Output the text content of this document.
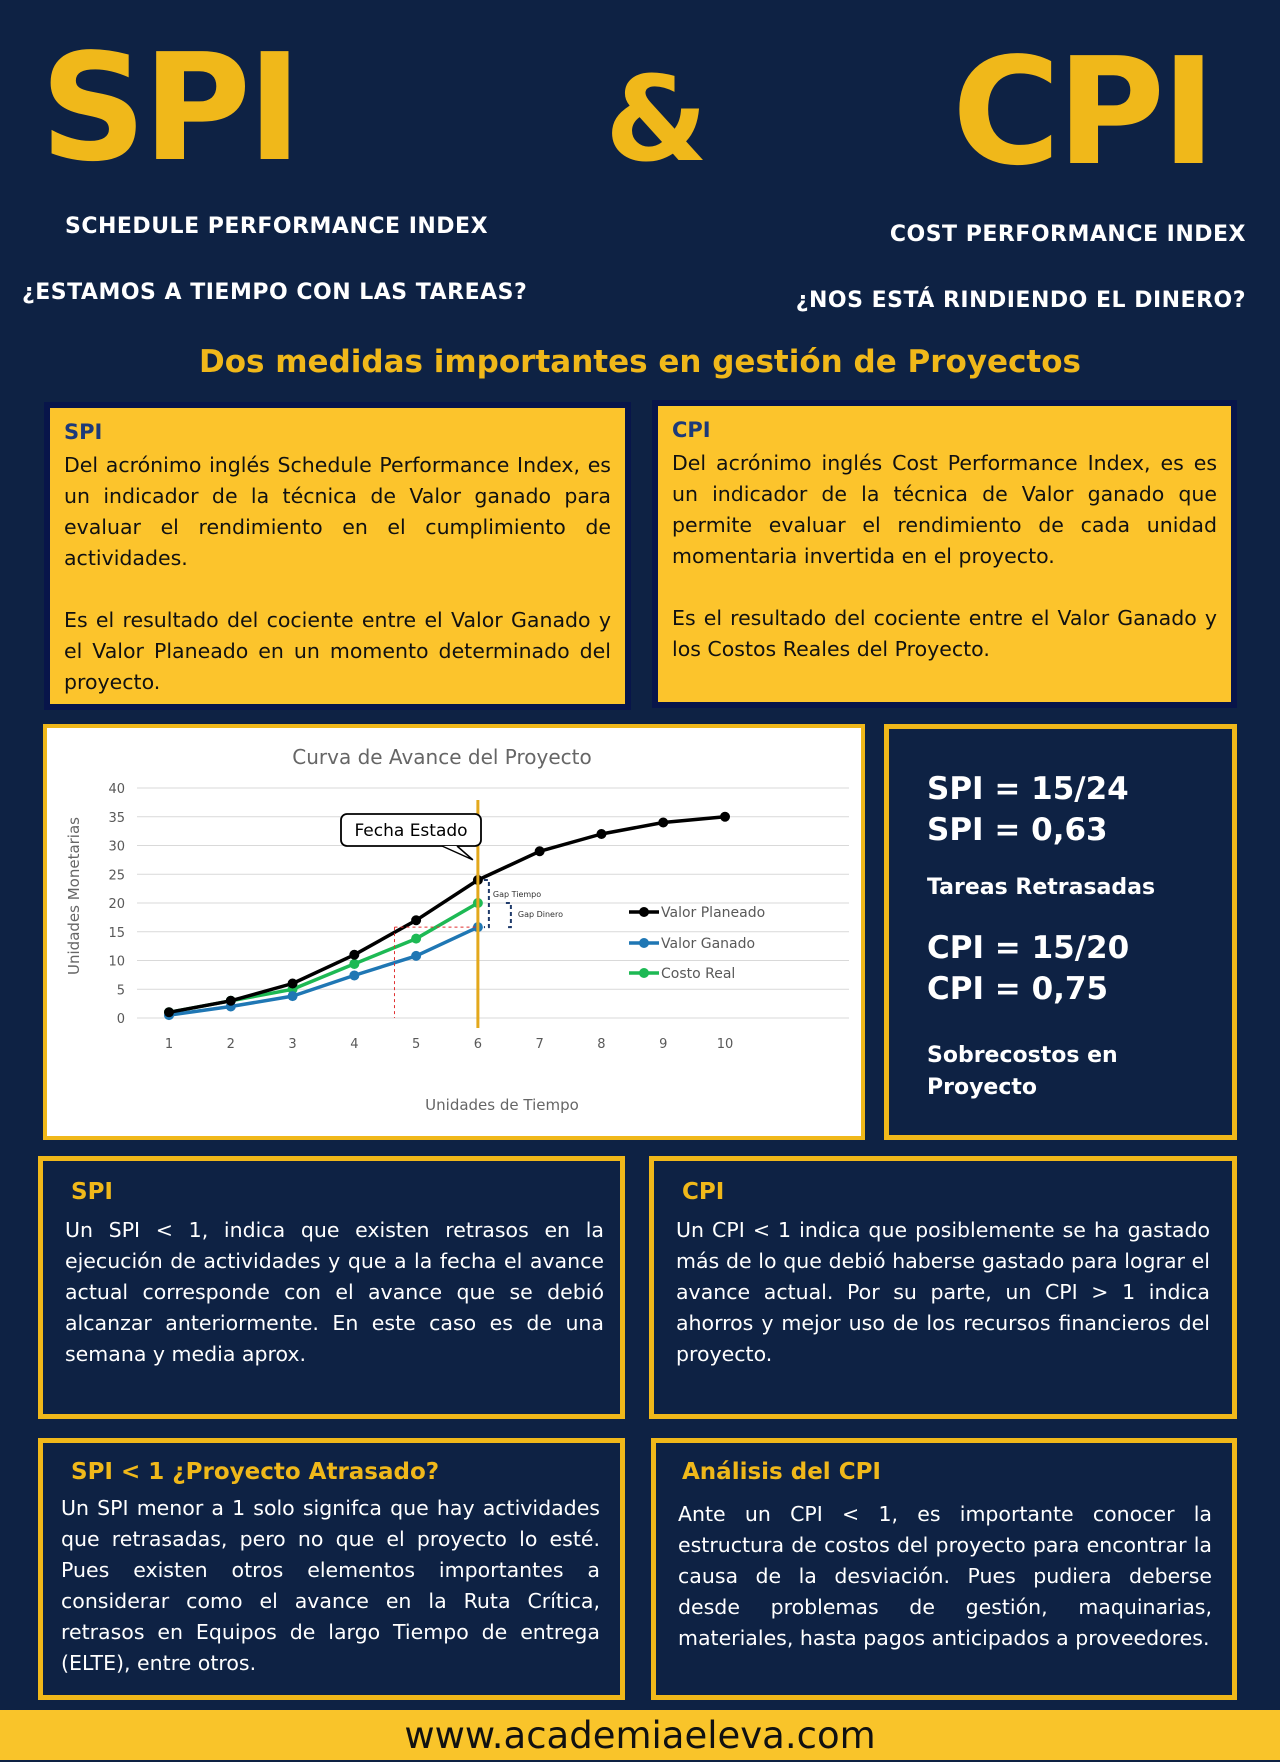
SPI	& CPI
SCHEDULE PERFORMANCE INDEX
¿ESTAMOS A TIEMPO CON LAS TAREAS?
COST PERFORMANCE INDEX
¿NOS ESTÁ RINDIENDO EL DINERO?
Dos medidas importantes en gestión de Proyectos
SPI

Del acrónimo inglés Schedule Performance Index, es un indicador de la técnica de Valor ganado para evaluar el rendimiento en el cumplimiento de actividades.

Es el resultado del cociente entre el Valor Ganado y el Valor Planeado en un momento determinado del proyecto.

CPI

Del acrónimo inglés Cost Performance Index, es es un indicador de la técnica de Valor ganado que permite evaluar el rendimiento de cada unidad momentaria invertida en el proyecto.

Es el resultado del cociente entre el Valor Ganado y los Costos Reales del Proyecto.

Curva de Avance del Proyecto
Unidades Monetarias
Unidades de Tiempo
0
5
10
15
20
25
30
35
40
1	2	3	4	5	6	7	8	9	10
Gap Tiempo
Gap Dinero
Fecha Estado
Valor Planeado
Valor Ganado
Costo Real
SPI = 15/24
SPI = 0,63
Tareas Retrasadas
CPI = 15/20
CPI = 0,75
Sobrecostos en
Proyecto
SPI

Un SPI < 1, indica que existen retrasos en la ejecución de actividades y que a la fecha el avance actual corresponde con el avance que se debió alcanzar anteriormente. En este caso es de una semana y media aprox.

CPI

Un CPI < 1 indica que posiblemente se ha gastado más de lo que debió haberse gastado para lograr el avance actual. Por su parte, un CPI > 1 indica ahorros y mejor uso de los recursos financieros del proyecto.

SPI < 1 ¿Proyecto Atrasado?

Un SPI menor a 1 solo signifca que hay actividades que retrasadas, pero no que el proyecto lo esté. Pues existen otros elementos importantes a considerar como el avance en la Ruta Crítica, retrasos en Equipos de largo Tiempo de entrega (ELTE), entre otros.

Análisis del CPI

Ante un CPI < 1, es importante conocer la estructura de costos del proyecto para encontrar la causa de la desviación. Pues pudiera deberse desde problemas de gestión, maquinarias, materiales, hasta pagos anticipados a proveedores.

www.academiaeleva.com
